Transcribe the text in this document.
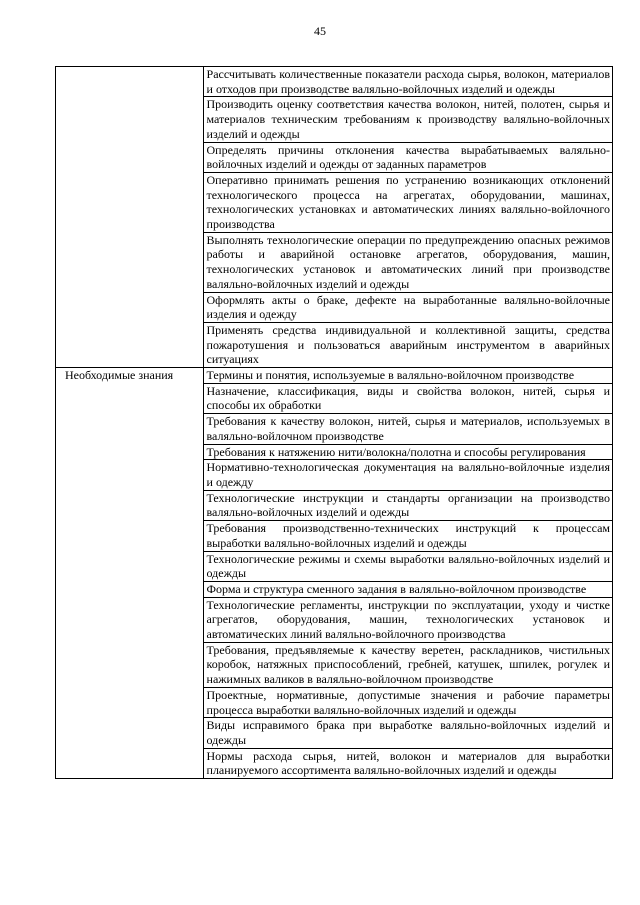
45
	Рассчитывать количественные показатели расхода сырья, волокон, материалов и отходов при производстве валяльно-войлочных изделий и одежды
	Производить оценку соответствия качества волокон, нитей, полотен, сырья и материалов техническим требованиям к производству валяльно-войлочных изделий и одежды
	Определять причины отклонения качества вырабатываемых валяльно-войлочных изделий и одежды от заданных параметров
	Оперативно принимать решения по устранению возникающих отклонений технологического процесса на агрегатах, оборудовании, машинах, технологических установках и автоматических линиях валяльно-войлочного производства
	Выполнять технологические операции по предупреждению опасных режимов работы и аварийной остановке агрегатов, оборудования, машин, технологических установок и автоматических линий при производстве валяльно-войлочных изделий и одежды
	Оформлять акты о браке, дефекте на выработанные валяльно-войлочные изделия и одежду
	Применять средства индивидуальной и коллективной защиты, средства пожаротушения и пользоваться аварийным инструментом в аварийных ситуациях

Необходимые знания	Термины и понятия, используемые в валяльно-войлочном производстве
	Назначение, классификация, виды и свойства волокон, нитей, сырья и способы их обработки
	Требования к качеству волокон, нитей, сырья и материалов, используемых в валяльно-войлочном производстве
	Требования к натяжению нити/волокна/полотна и способы регулирования
	Нормативно-технологическая документация на валяльно-войлочные изделия и одежду
	Технологические инструкции и стандарты организации на производство валяльно-войлочных изделий и одежды
	Требования производственно-технических инструкций к процессам выработки валяльно-войлочных изделий и одежды
	Технологические режимы и схемы выработки валяльно-войлочных изделий и одежды
	Форма и структура сменного задания в валяльно-войлочном производстве
	Технологические регламенты, инструкции по эксплуатации, уходу и чистке агрегатов, оборудования, машин, технологических установок и автоматических линий валяльно-войлочного производства
	Требования, предъявляемые к качеству веретен, раскладников, чистильных коробок, натяжных приспособлений, гребней, катушек, шпилек, рогулек и нажимных валиков в валяльно-войлочном производстве
	Проектные, нормативные, допустимые значения и рабочие параметры процесса выработки валяльно-войлочных изделий и одежды
	Виды исправимого брака при выработке валяльно-войлочных изделий и одежды
	Нормы расхода сырья, нитей, волокон и материалов для выработки планируемого ассортимента валяльно-войлочных изделий и одежды
